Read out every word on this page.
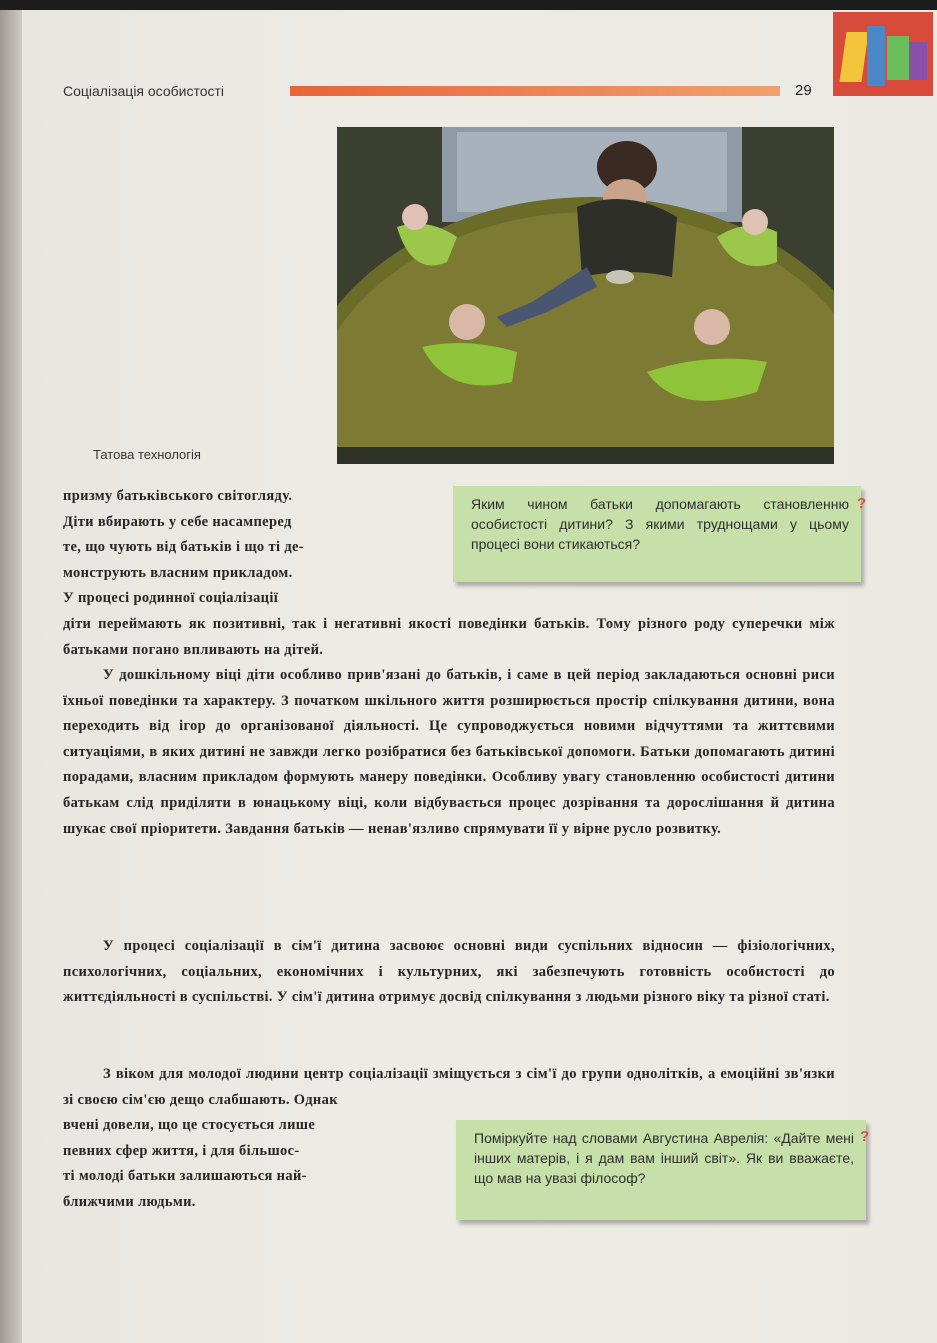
Соціалізація особистості	29
Татова технологія

призму батьківського світогляду.
Діти вбирають у себе насамперед
те, що чують від батьків і що ті де-
монструють власним прикладом.
У процесі родинної соціалізації

Яким чином батьки допомагають становленню особистості дитини? З якими труднощами у цьому процесі вони стикаються?
?

діти переймають як позитивні, так і негативні якості поведінки батьків. Тому різного роду суперечки між батьками погано впливають на дітей.

У дошкільному віці діти особливо прив'язані до батьків, і саме в цей період закладаються основні риси їхньої поведінки та характеру. З початком шкільного життя розширюється простір спілкування дитини, вона переходить від ігор до організованої діяльності. Це супроводжується новими відчуттями та життєвими ситуаціями, в яких дитині не завжди легко розібратися без батьківської допомоги. Батьки допомагають дитині порадами, власним прикладом формують манеру поведінки. Особливу увагу становленню особистості дитини батькам слід приділяти в юнацькому віці, коли відбувається процес дозрівання та дорослішання й дитина шукає свої пріоритети. Завдання батьків — ненав'язливо спрямувати її у вірне русло розвитку.

У процесі соціалізації в сім'ї дитина засвоює основні види суспільних відносин — фізіологічних, психологічних, соціальних, економічних і культурних, які забезпечують готовність особистості до життєдіяльності в суспільстві. У сім'ї дитина отримує досвід спілкування з людьми різного віку та різної статі.

З віком для молодої людини центр соціалізації зміщується з сім'ї до групи однолітків, а емоційні зв'язки зі своєю сім'єю дещо слабшають. Однак

вчені довели, що це стосується лише
певних сфер життя, і для більшос-
ті молоді батьки залишаються най-
ближчими людьми.

Поміркуйте над словами Августина Аврелія: «Дайте мені інших матерів, і я дам вам інший світ». Як ви вважаєте, що мав на увазі філософ?
?
